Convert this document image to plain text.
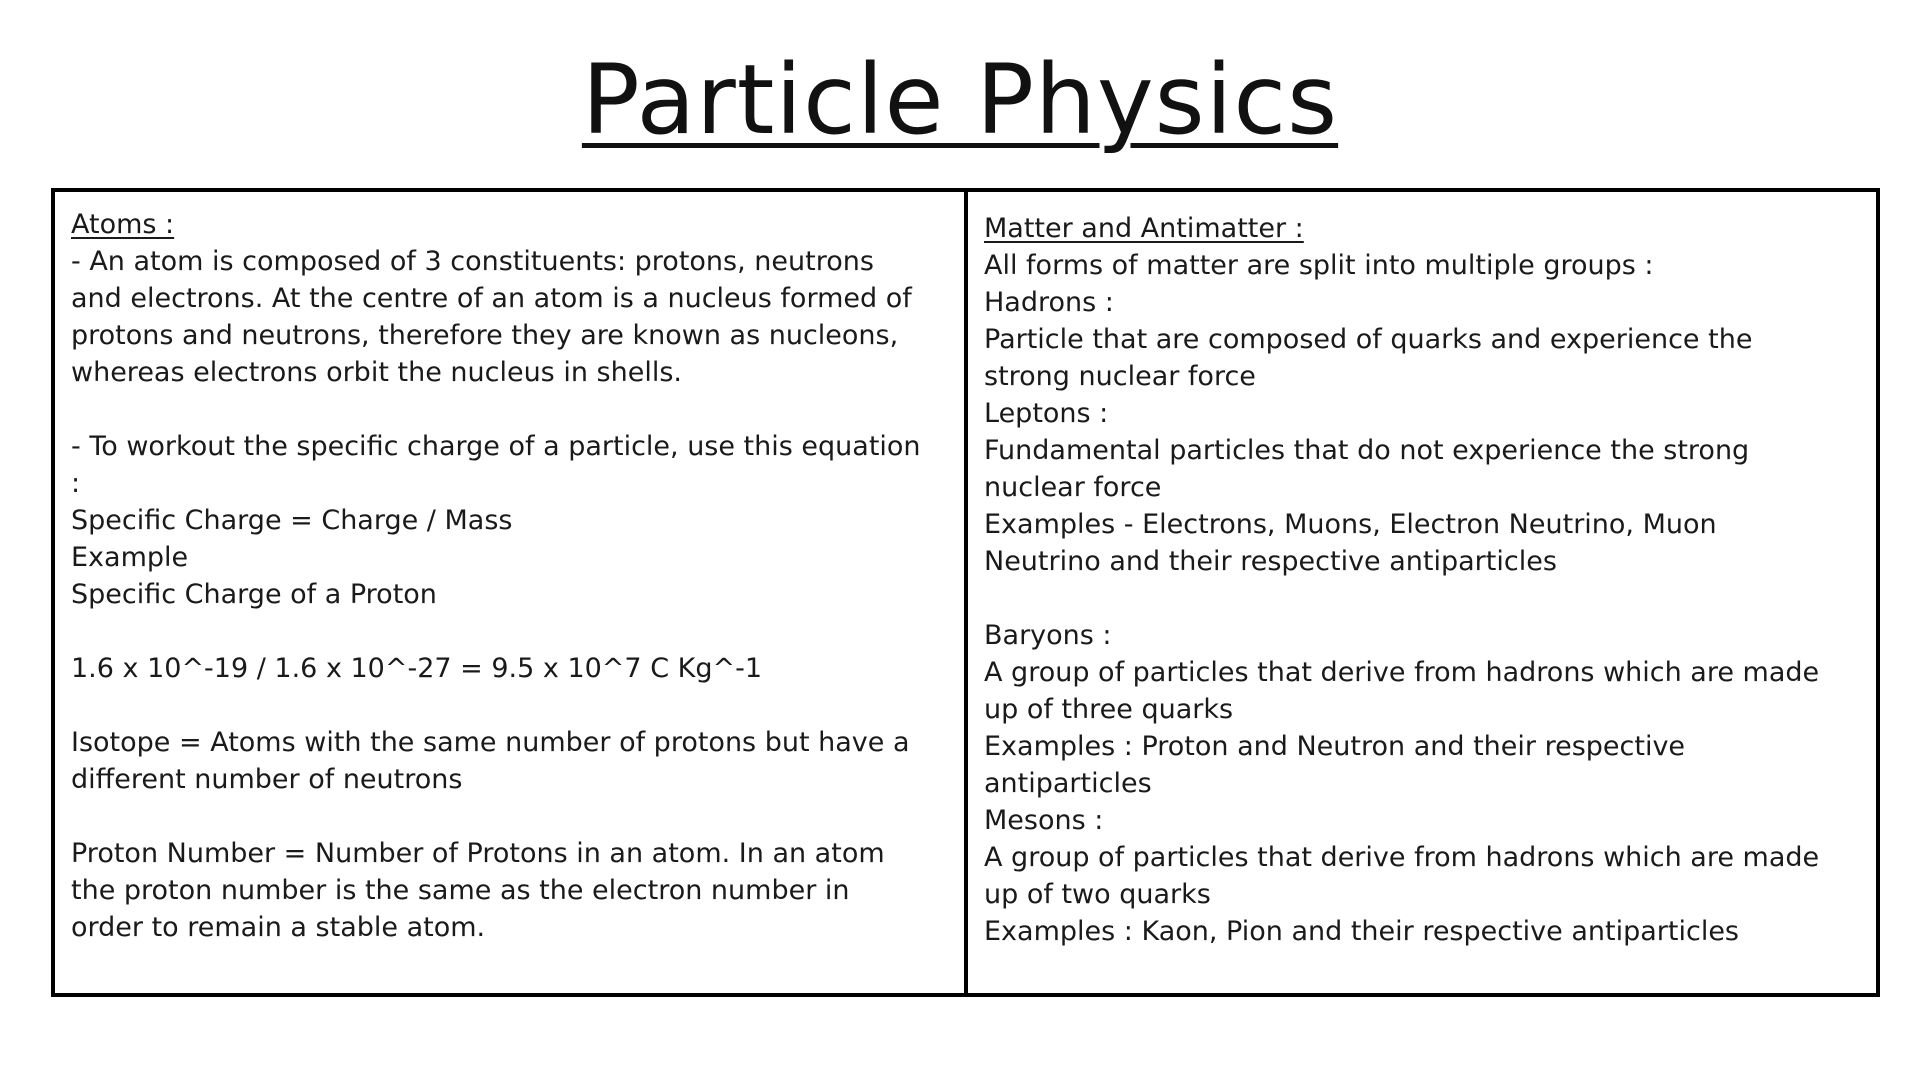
Particle Physics
Atoms :
- An atom is composed of 3 constituents: protons, neutrons
and electrons. At the centre of an atom is a nucleus formed of
protons and neutrons, therefore they are known as nucleons,
whereas electrons orbit the nucleus in shells.
- To workout the specific charge of a particle, use this equation
:
Specific Charge = Charge / Mass
Example
Specific Charge of a Proton
1.6 x 10^-19 / 1.6 x 10^-27 = 9.5 x 10^7 C Kg^-1
Isotope = Atoms with the same number of protons but have a
different number of neutrons
Proton Number = Number of Protons in an atom. In an atom
the proton number is the same as the electron number in
order to remain a stable atom.
Matter and Antimatter :
All forms of matter are split into multiple groups :
Hadrons :
Particle that are composed of quarks and experience the
strong nuclear force
Leptons :
Fundamental particles that do not experience the strong
nuclear force
Examples - Electrons, Muons, Electron Neutrino, Muon
Neutrino and their respective antiparticles
Baryons :
A group of particles that derive from hadrons which are made
up of three quarks
Examples : Proton and Neutron and their respective
antiparticles
Mesons :
A group of particles that derive from hadrons which are made
up of two quarks
Examples : Kaon, Pion and their respective antiparticles
